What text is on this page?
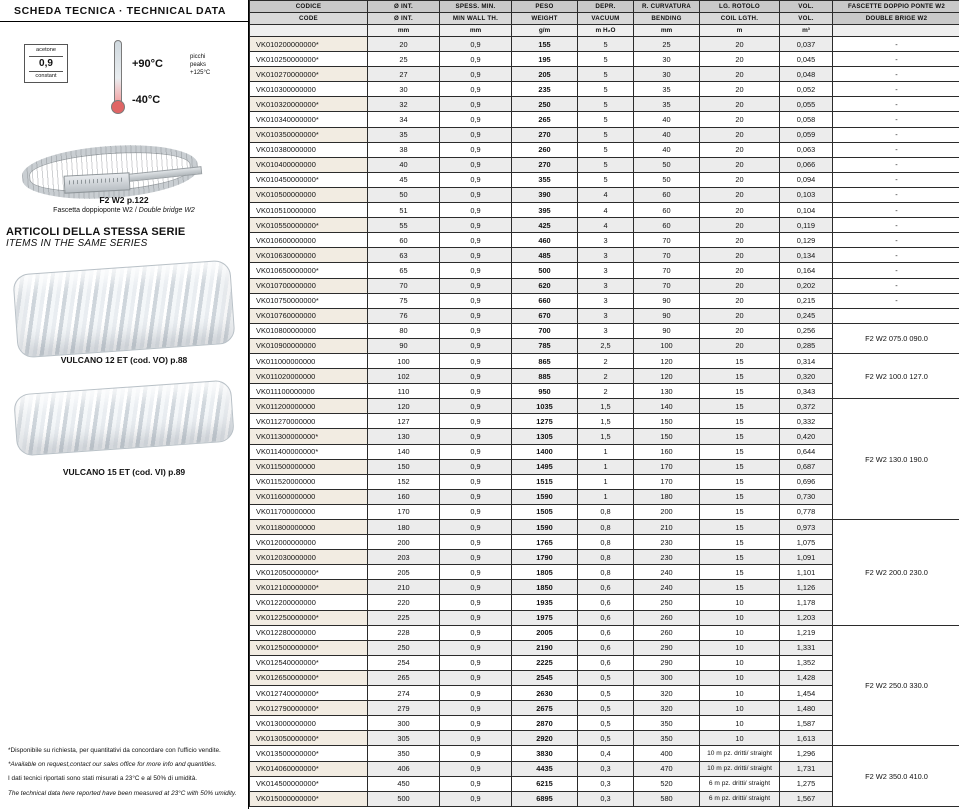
SCHEDA TECNICA · TECHNICAL DATA
acetone
0,9
constant
+90°C
-40°C
picchi
peaks
+125°C
F2 W2 p.122
Fascetta doppioponte W2 / Double bridge W2
ARTICOLI DELLA STESSA SERIE
ITEMS IN THE SAME SERIES
VULCANO 12 ET (cod. VO) p.88
VULCANO 15 ET (cod. VI) p.89

*Disponibile su richiesta, per quantitativi da concordare con l'ufficio vendite.

*Available on request,contact our sales office for more info and quantities.

I dati tecnici riportati sono stati misurati a 23°C e al 50% di umidità.

The technical data here reported have been measured at 23°C with 50% umidity.

CODICE	Ø INT.	SPESS. MIN.	PESO	DEPR.	R. CURVATURA	LG. ROTOLO	VOL.	FASCETTE DOPPIO PONTE W2
CODE	Ø INT.	MIN WALL TH.	WEIGHT	VACUUM	BENDING	COIL LGTH.	VOL.	DOUBLE BRIGE W2
	mm	mm	g/m	m H₂O	mm	m	m³	
VK010200000000*	20	0,9	155	5	25	20	0,037	-
VK010250000000*	25	0,9	195	5	30	20	0,045	-
VK010270000000*	27	0,9	205	5	30	20	0,048	-
VK010300000000	30	0,9	235	5	35	20	0,052	-
VK010320000000*	32	0,9	250	5	35	20	0,055	-
VK010340000000*	34	0,9	265	5	40	20	0,058	-
VK010350000000*	35	0,9	270	5	40	20	0,059	-
VK010380000000	38	0,9	260	5	40	20	0,063	-
VK010400000000	40	0,9	270	5	50	20	0,066	-
VK010450000000*	45	0,9	355	5	50	20	0,094	-
VK010500000000	50	0,9	390	4	60	20	0,103	-
VK010510000000	51	0,9	395	4	60	20	0,104	-
VK010550000000*	55	0,9	425	4	60	20	0,119	-
VK010600000000	60	0,9	460	3	70	20	0,129	-
VK010630000000	63	0,9	485	3	70	20	0,134	-
VK010650000000*	65	0,9	500	3	70	20	0,164	-
VK010700000000	70	0,9	620	3	70	20	0,202	-
VK010750000000*	75	0,9	660	3	90	20	0,215	-
VK010760000000	76	0,9	670	3	90	20	0,245	
VK010800000000	80	0,9	700	3	90	20	0,256	F2 W2 075.0 090.0
VK010900000000	90	0,9	785	2,5	100	20	0,285	
VK011000000000	100	0,9	865	2	120	15	0,314	F2 W2 100.0 127.0
VK011020000000	102	0,9	885	2	120	15	0,320	
VK011100000000	110	0,9	950	2	130	15	0,343	
VK011200000000	120	0,9	1035	1,5	140	15	0,372	F2 W2 130.0 190.0
VK011270000000	127	0,9	1275	1,5	150	15	0,332	
VK011300000000*	130	0,9	1305	1,5	150	15	0,420	
VK011400000000*	140	0,9	1400	1	160	15	0,644	
VK011500000000	150	0,9	1495	1	170	15	0,687	
VK011520000000	152	0,9	1515	1	170	15	0,696	
VK011600000000	160	0,9	1590	1	180	15	0,730	
VK011700000000	170	0,9	1505	0,8	200	15	0,778	
VK011800000000	180	0,9	1590	0,8	210	15	0,973	F2 W2 200.0 230.0
VK012000000000	200	0,9	1765	0,8	230	15	1,075	
VK012030000000	203	0,9	1790	0,8	230	15	1,091	
VK012050000000*	205	0,9	1805	0,8	240	15	1,101	
VK012100000000*	210	0,9	1850	0,6	240	15	1,126	
VK012200000000	220	0,9	1935	0,6	250	10	1,178	
VK012250000000*	225	0,9	1975	0,6	260	10	1,203	
VK012280000000	228	0,9	2005	0,6	260	10	1,219	F2 W2 250.0 330.0
VK012500000000*	250	0,9	2190	0,6	290	10	1,331	
VK012540000000*	254	0,9	2225	0,6	290	10	1,352	
VK012650000000*	265	0,9	2545	0,5	300	10	1,428	
VK012740000000*	274	0,9	2630	0,5	320	10	1,454	
VK012790000000*	279	0,9	2675	0,5	320	10	1,480	
VK013000000000	300	0,9	2870	0,5	350	10	1,587	
VK013050000000*	305	0,9	2920	0,5	350	10	1,613	
VK013500000000*	350	0,9	3830	0,4	400	10 m pz. dritti/ straight	1,296	F2 W2 350.0 410.0
VK014060000000*	406	0,9	4435	0,3	470	10 m pz. dritti/ straight	1,731	
VK014500000000*	450	0,9	6215	0,3	520	6 m pz. dritti/ straight	1,275	
VK015000000000*	500	0,9	6895	0,3	580	6 m pz. dritti/ straight	1,567	
